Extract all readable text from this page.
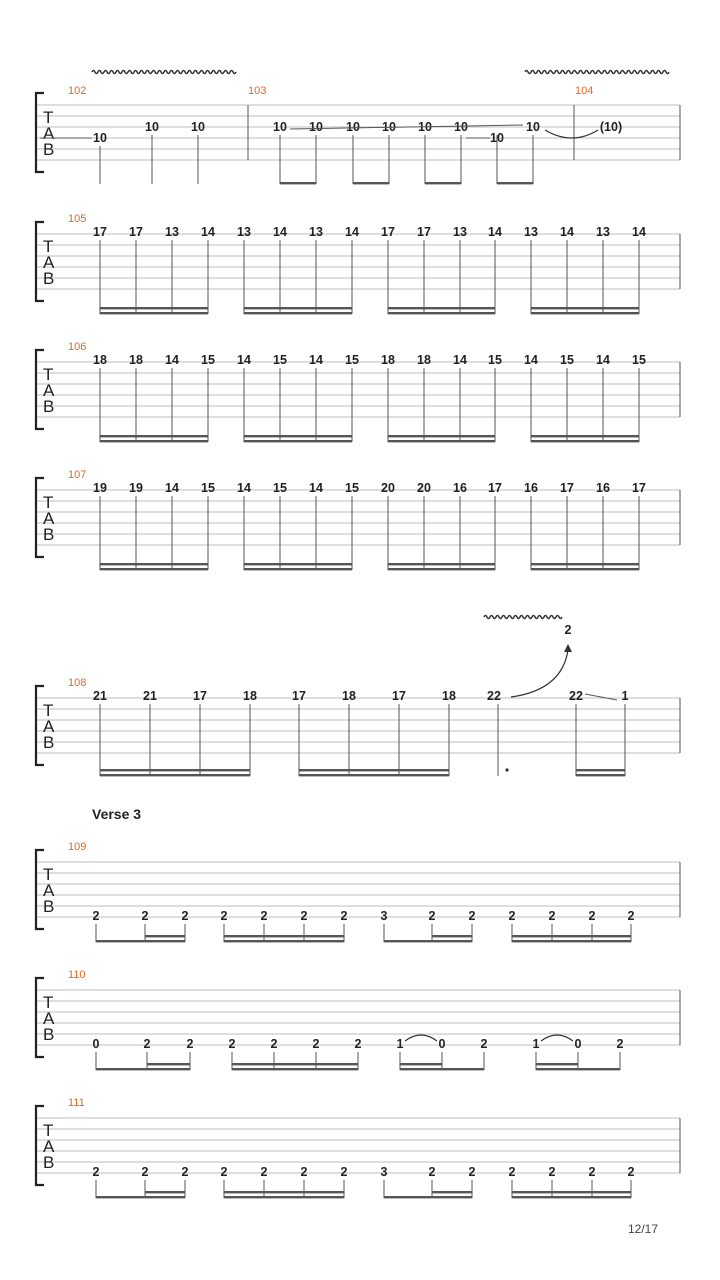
T
A
B
102	103	104
10
10	10	10 10 10	10
10
10	(10)
T
A
B
105
17 17 13 14 13 14 13 14 17 17 13 14 13 14 13 14
T
A
B
106
18 18 14 15 14 15 14 15 18 18 14 15 14 15 14 15
T
A
B
107
19 19 14 15 14 15 14 15 20 20 16 17 16 17 16 17
T
A
B
108
21	21	17	18	17	18	17	18 22	22	1
2
Verse 3
T
A
B
109
2	2	2	2	2	2	2	3	2	2	2	2	2	2
T
A
B
110
0	2	2	2	2	2	2	1	0	2	1	0	2
T
A
B
111
2	2	2	2	2	2	2	3	2	2	2	2	2	2
12/17
